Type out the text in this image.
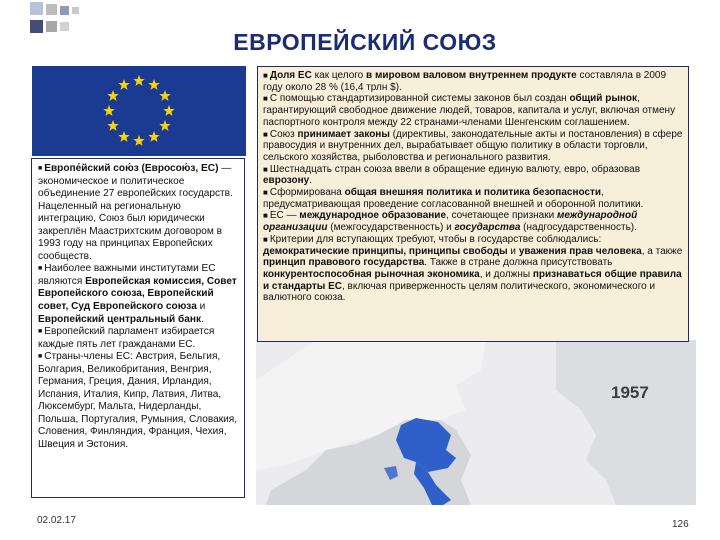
ЕВРОПЕЙСКИЙ СОЮЗ
1957

■ Европе́йский сою́з (Евросою́з, ЕС) — экономическое и политическое объединение 27 европейских государств. Нацеленный на региональную интеграцию, Союз был юридически закреплён Маастрихтским договором в 1993 году на принципах Европейских сообществ.

■ Наиболее важными институтами ЕС являются Европейская комиссия, Совет Европейского союза, Европейский совет, Суд Европейского союза и Европейский центральный банк.

■ Европейский парламент избирается каждые пять лет гражданами ЕС.

■ Страны-члены ЕС: Австрия, Бельгия, Болгария, Великобритания, Венгрия, Германия, Греция, Дания, Ирландия, Испания, Италия, Кипр, Латвия, Литва, Люксембург, Мальта, Нидерланды, Польша, Португалия, Румыния, Словакия, Словения, Финляндия, Франция, Чехия, Швеция и Эстония.

■ Доля ЕС как целого в мировом валовом внутреннем продукте составляла в 2009 году около 28 % (16,4 трлн $).

■ С помощью стандартизированной системы законов был создан общий рынок, гарантирующий свободное движение людей, товаров, капитала и услуг, включая отмену паспортного контроля между 22 странами-членами Шенгенским соглашением.

■ Союз принимает законы (директивы, законодательные акты и постановления) в сфере правосудия и внутренних дел, вырабатывает общую политику в области торговли, сельского хозяйства, рыболовства и регионального развития.

■ Шестнадцать стран союза ввели в обращение единую валюту, евро, образовав еврозону.

■ Сформирована общая внешняя политика и политика безопасности, предусматривающая проведение согласованной внешней и оборонной политики.

■ ЕС — международное образование, сочетающее признаки международной организации (межгосударственность) и государства (надгосударственность).

■ Критерии для вступающих требуют, чтобы в государстве соблюдались: демократические принципы, принципы свободы и уважения прав человека, а также принцип правового государства. Также в стране должна присутствовать конкурентоспособная рыночная экономика, и должны признаваться общие правила и стандарты ЕС, включая приверженность целям политического, экономического и валютного союза.

02.02.17	126
